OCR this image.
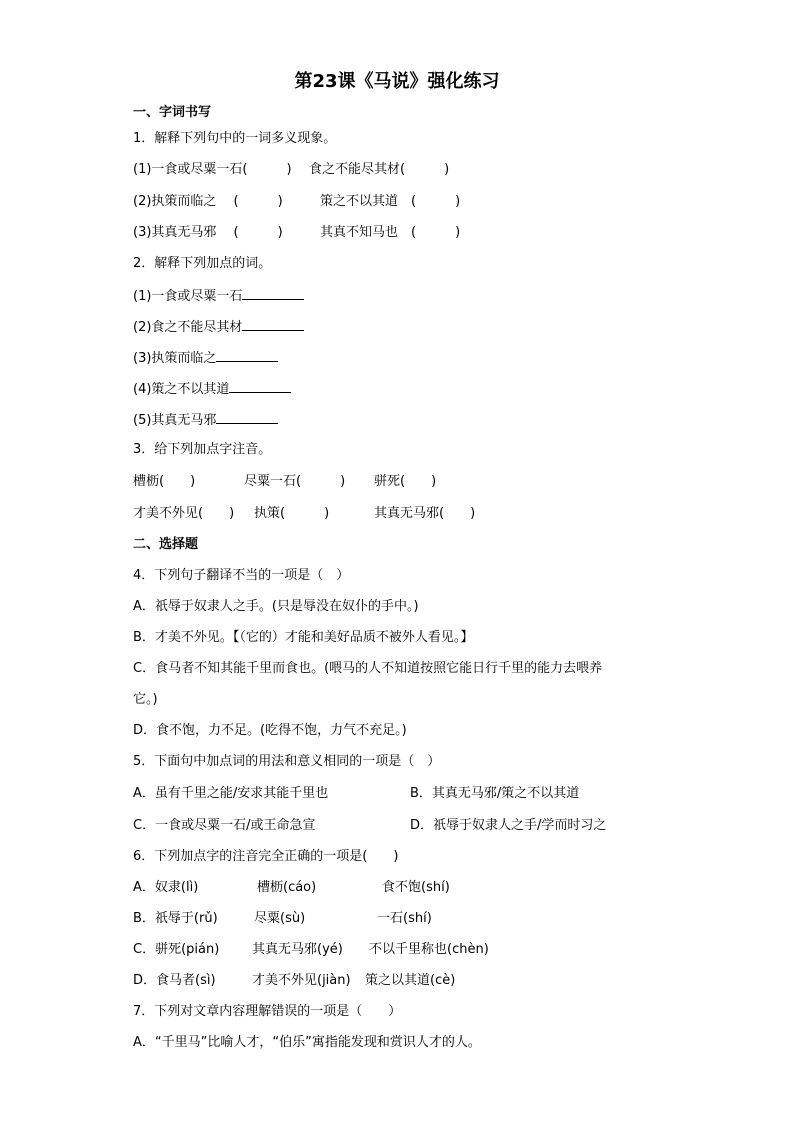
第23课《马说》强化练习
一、字词书写
1．解释下列句中的一词多义现象。
(1)一食或尽粟一石(　　　) 食之不能尽其材(　　　)
(2)执策而临之　 (　　　)	策之不以其道　(　　　)
(3)其真无马邪　 (　　　)	其真不知马也　(　　　)
2．解释下列加点的词。
(1)一食或尽粟一石
(2)食之不能尽其材
(3)执策而临之
(4)策之不以其道
(5)其真无马邪
3．给下列加点字注音。
槽枥(　　)	尽粟一石(　　　) 骈死(　　)
才美不外见(　　) 执策(　　　)	其真无马邪(　　)
二、选择题
4．下列句子翻译不当的一项是（　）
A．祇辱于奴隶人之手。(只是辱没在奴仆的手中。)
B．才美不外见。【（它的）才能和美好品质不被外人看见。】
C．食马者不知其能千里而食也。(喂马的人不知道按照它能日行千里的能力去喂养
它。)
D．食不饱，力不足。(吃得不饱，力气不充足。)
5．下面句中加点词的用法和意义相同的一项是（　）
A．虽有千里之能/安求其能千里也	B．其真无马邪/策之不以其道
C．一食或尽粟一石/或王命急宣	D．祇辱于奴隶人之手/学而时习之
6．下列加点字的注音完全正确的一项是(　　)
A．奴隶(lì)	槽枥(cáo)	食不饱(shí)
B．祇辱于(rǔ)	尽粟(sù)	一石(shí)
C．骈死(pián)	其真无马邪(yé) 不以千里称也(chèn)
D．食马者(sì)	才美不外见(jiàn) 策之以其道(cè)
7．下列对文章内容理解错误的一项是（　　）
A．“千里马”比喻人才，“伯乐”寓指能发现和赏识人才的人。
